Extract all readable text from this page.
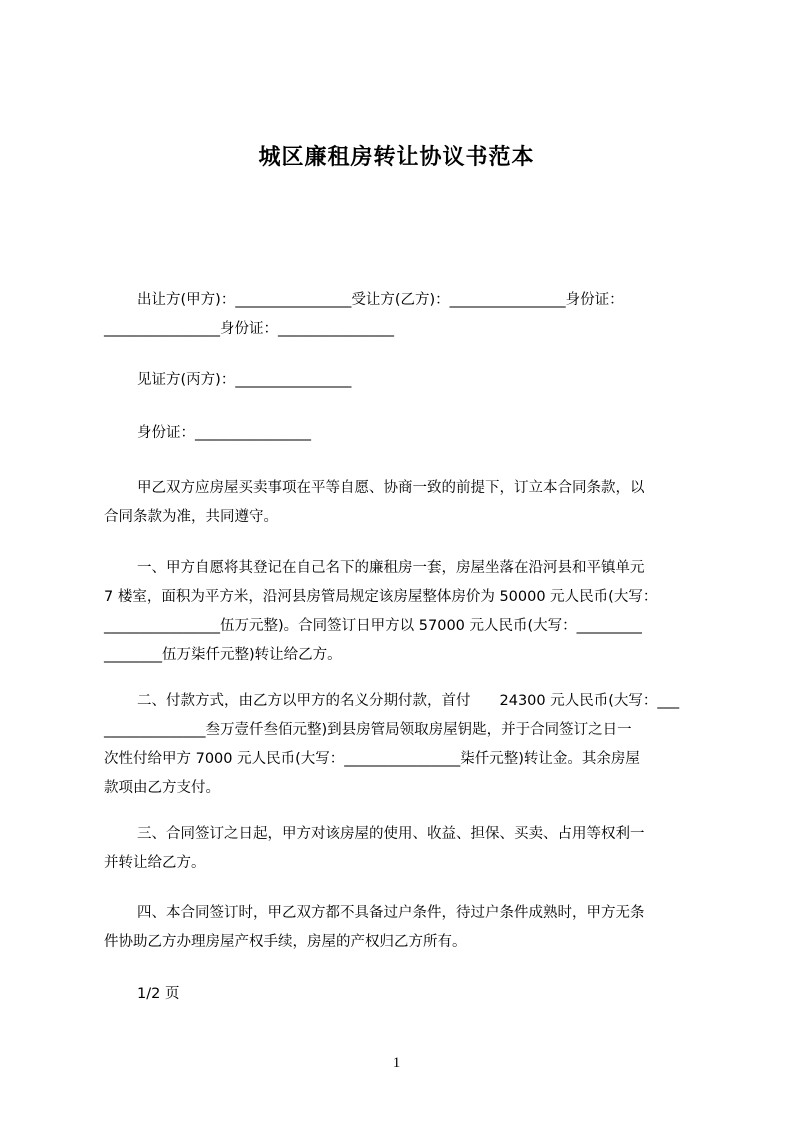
城区廉租房转让协议书范本
出让方(甲方)：________________受让方(乙方)：________________身份证：
________________身份证：________________
见证方(丙方)：________________
身份证：________________
甲乙双方应房屋买卖事项在平等自愿、协商一致的前提下，订立本合同条款，以
合同条款为准，共同遵守。
一、甲方自愿将其登记在自己名下的廉租房一套，房屋坐落在沿河县和平镇单元
7 楼室，面积为平方米，沿河县房管局规定该房屋整体房价为 50000 元人民币(大写：
________________伍万元整)。合同签订日甲方以 57000 元人民币(大写：_________
________伍万柒仟元整)转让给乙方。
二、付款方式，由乙方以甲方的名义分期付款，首付　　24300 元人民币(大写：___
______________叁万壹仟叁佰元整)到县房管局领取房屋钥匙，并于合同签订之日一
次性付给甲方 7000 元人民币(大写：________________柒仟元整)转让金。其余房屋
款项由乙方支付。
三、合同签订之日起，甲方对该房屋的使用、收益、担保、买卖、占用等权利一
并转让给乙方。
四、本合同签订时，甲乙双方都不具备过户条件，待过户条件成熟时，甲方无条
件协助乙方办理房屋产权手续，房屋的产权归乙方所有。
1/2 页
1
